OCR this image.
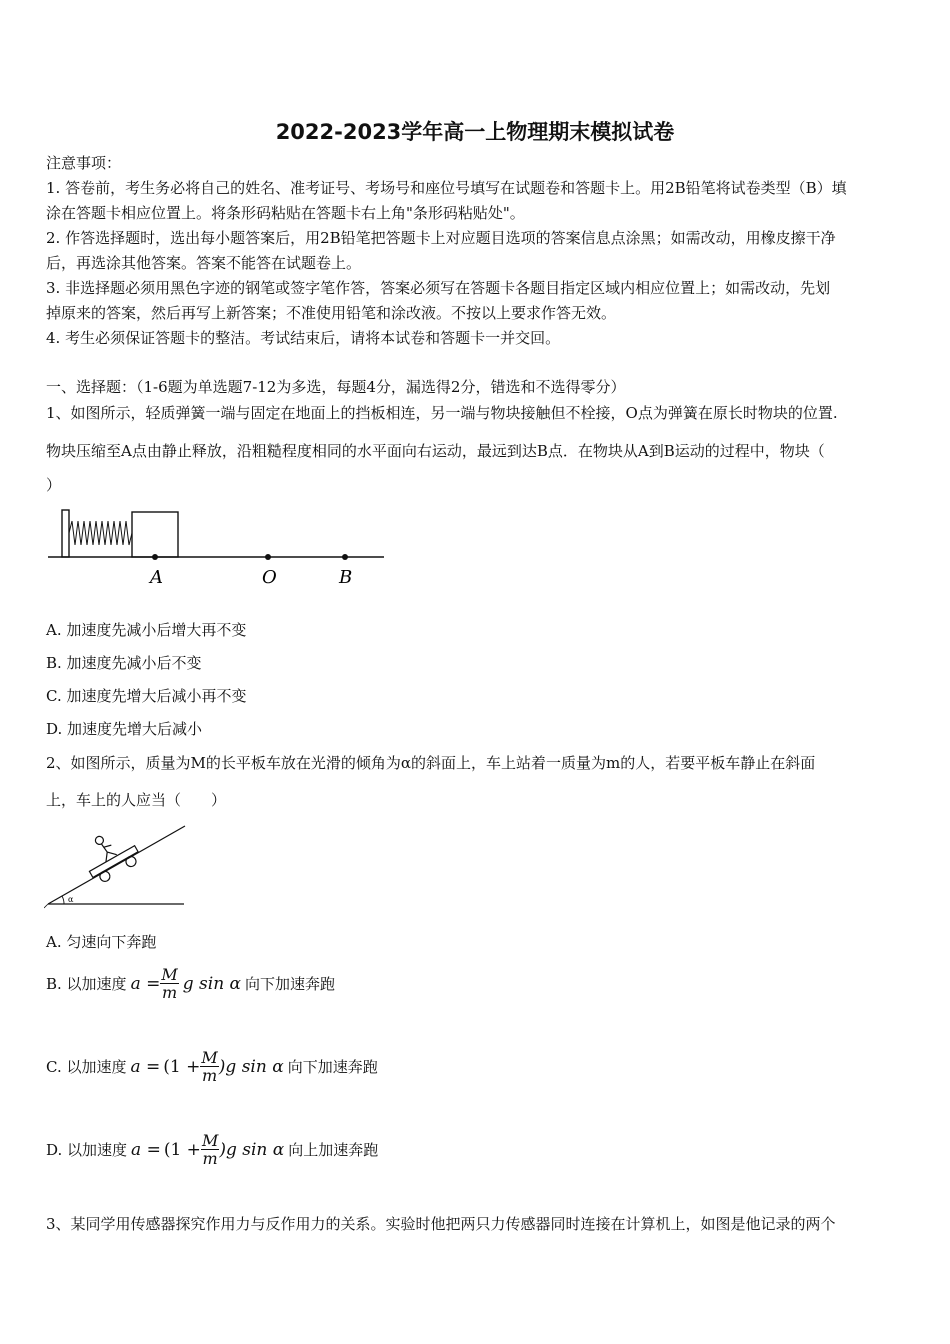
2022-2023学年高一上物理期末模拟试卷
注意事项：
1. 答卷前，考生务必将自己的姓名、准考证号、考场号和座位号填写在试题卷和答题卡上。用2B铅笔将试卷类型（B）填
涂在答题卡相应位置上。将条形码粘贴在答题卡右上角"条形码粘贴处"。
2. 作答选择题时，选出每小题答案后，用2B铅笔把答题卡上对应题目选项的答案信息点涂黑；如需改动，用橡皮擦干净
后，再选涂其他答案。答案不能答在试题卷上。
3. 非选择题必须用黑色字迹的钢笔或签字笔作答，答案必须写在答题卡各题目指定区域内相应位置上；如需改动，先划
掉原来的答案，然后再写上新答案；不准使用铅笔和涂改液。不按以上要求作答无效。
4. 考生必须保证答题卡的整洁。考试结束后，请将本试卷和答题卡一并交回。
一、选择题：（1-6题为单选题7-12为多选，每题4分，漏选得2分，错选和不选得零分）
1、如图所示，轻质弹簧一端与固定在地面上的挡板相连，另一端与物块接触但不栓接，O点为弹簧在原长时物块的位置.
物块压缩至A点由静止释放，沿粗糙程度相同的水平面向右运动，最远到达B点．在物块从A到B运动的过程中，物块（
）
A	O	B
A. 加速度先减小后增大再不变
B. 加速度先减小后不变
C. 加速度先增大后减小再不变
D. 加速度先增大后减小
2、如图所示，质量为M的长平板车放在光滑的倾角为α的斜面上，车上站着一质量为m的人，若要平板车静止在斜面
上，车上的人应当（　　）
α
A. 匀速向下奔跑
B. 以加速度 $a = \frac{M}{m}$ g sin α 向下加速奔跑
C. 以加速度 $a = (1 + \frac{M}{m} )g$ sin α 向下加速奔跑
D. 以加速度 $a = (1 + \frac{M}{m} )g$ sin α 向上加速奔跑
3、某同学用传感器探究作用力与反作用力的关系。实验时他把两只力传感器同时连接在计算机上，如图是他记录的两个
